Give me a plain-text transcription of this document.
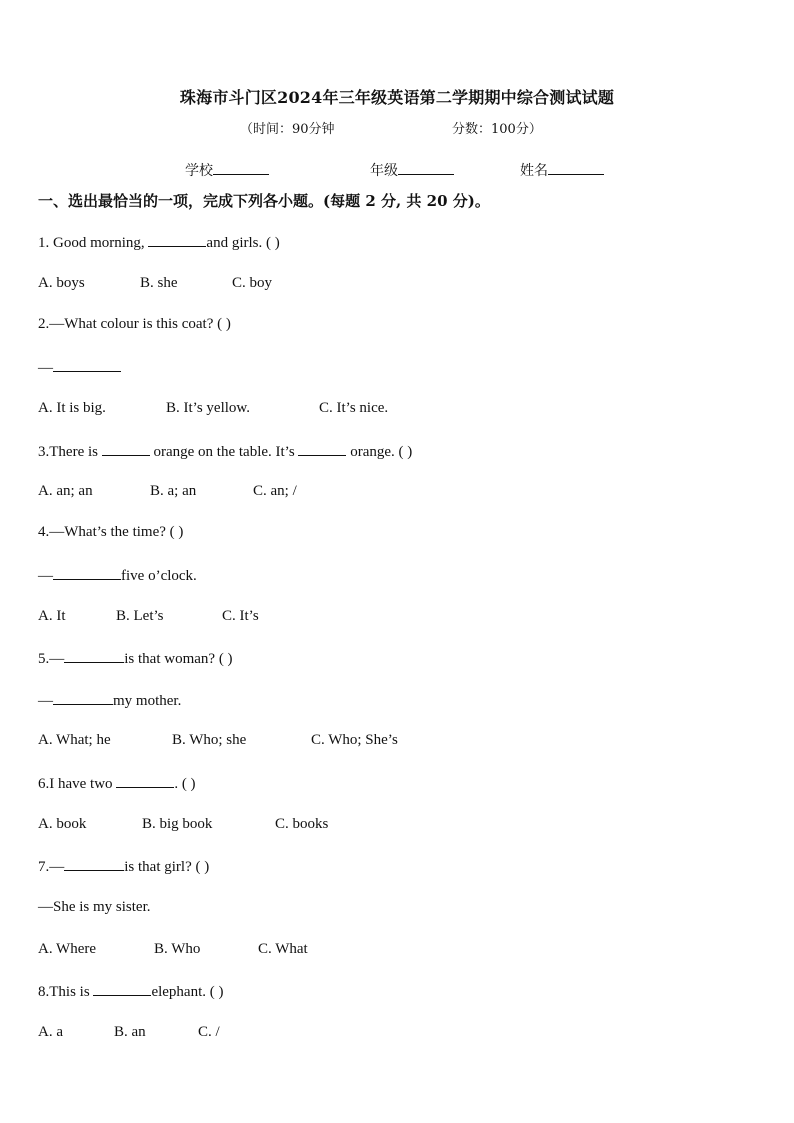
珠海市斗门区2024年三年级英语第二学期期中综合测试试题
（时间：90分钟	分数：100分）
学校	年级	姓名
一、选出最恰当的一项，完成下列各小题。(每题 2 分, 共 20 分)。
1. Good morning,	and girls. ( )
A. boys	B. she	C. boy
2.—What colour is this coat? ( )
—
A. It is big.	B. It’s yellow.	C. It’s nice.
3.There is	orange on the table. It’s	orange. ( )
A. an; an	B. a; an	C. an; /
4.—What’s the time? ( )
—	five o’clock.
A. It	B. Let’s	C. It’s
5.—	is that woman? ( )
—	my mother.
A. What; he	B. Who; she	C. Who; She’s
6.I have two	. ( )
A. book	B. big book	C. books
7.—	is that girl? ( )
—She is my sister.
A. Where	B. Who	C. What
8.This is	elephant. ( )
A. a	B. an	C. /
